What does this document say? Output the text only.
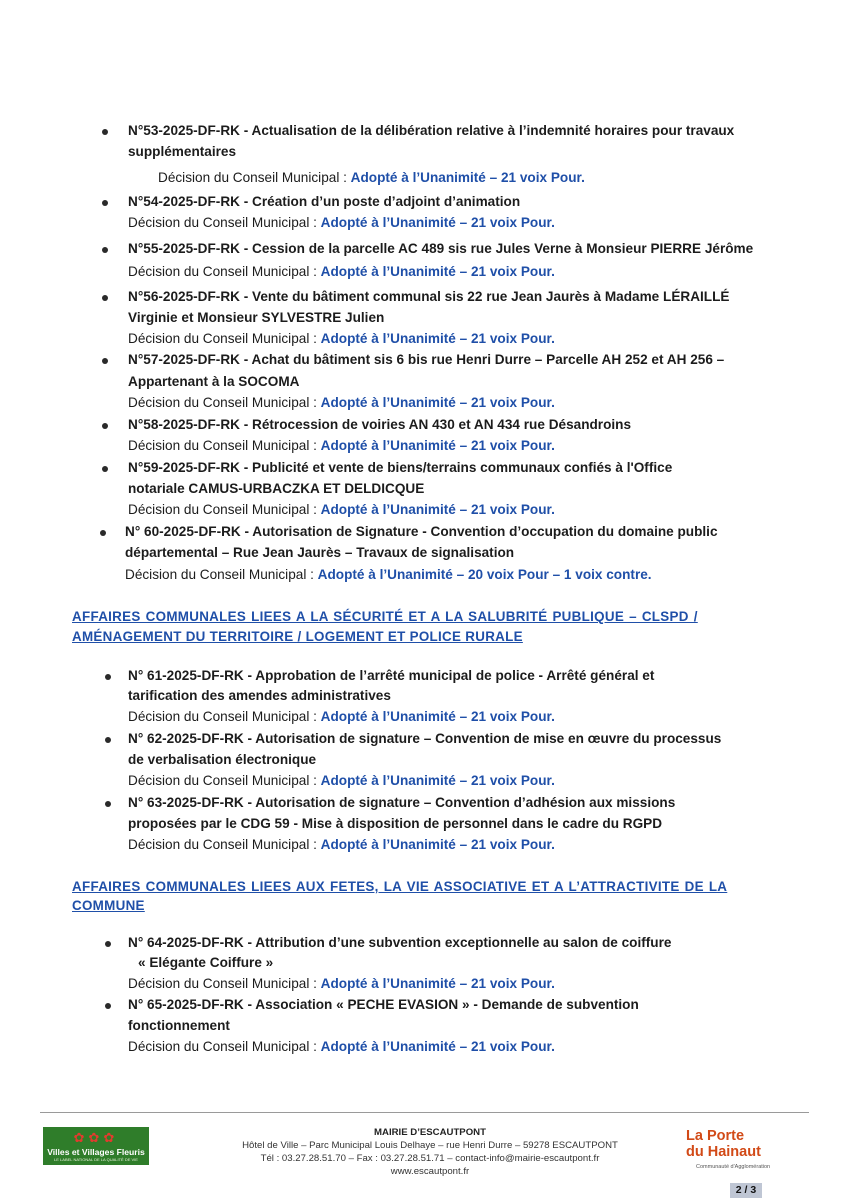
N°53-2025-DF-RK - Actualisation de la délibération relative à l’indemnité horaires pour travaux
supplémentaires
Décision du Conseil Municipal : Adopté à l’Unanimité – 21 voix Pour.
N°54-2025-DF-RK - Création d’un poste d’adjoint d’animation
Décision du Conseil Municipal : Adopté à l’Unanimité – 21 voix Pour.
N°55-2025-DF-RK - Cession de la parcelle AC 489 sis rue Jules Verne à Monsieur PIERRE Jérôme
Décision du Conseil Municipal : Adopté à l’Unanimité – 21 voix Pour.
N°56-2025-DF-RK - Vente du bâtiment communal sis 22 rue Jean Jaurès à Madame LÉRAILLÉ
Virginie et Monsieur SYLVESTRE Julien
Décision du Conseil Municipal : Adopté à l’Unanimité – 21 voix Pour.
N°57-2025-DF-RK - Achat du bâtiment sis 6 bis rue Henri Durre – Parcelle AH 252 et AH 256 –
Appartenant à la SOCOMA
Décision du Conseil Municipal : Adopté à l’Unanimité – 21 voix Pour.
N°58-2025-DF-RK - Rétrocession de voiries AN 430 et AN 434 rue Désandroins
Décision du Conseil Municipal : Adopté à l’Unanimité – 21 voix Pour.
N°59-2025-DF-RK - Publicité et vente de biens/terrains communaux confiés à l'Office
notariale CAMUS-URBACZKA ET DELDICQUE
Décision du Conseil Municipal : Adopté à l’Unanimité – 21 voix Pour.
N° 60-2025-DF-RK - Autorisation de Signature - Convention d’occupation du domaine public
départemental – Rue Jean Jaurès – Travaux de signalisation
Décision du Conseil Municipal : Adopté à l’Unanimité – 20 voix Pour – 1 voix contre.
AFFAIRES COMMUNALES LIEES A LA SÉCURITÉ ET A LA SALUBRITÉ PUBLIQUE – CLSPD /
AMÉNAGEMENT DU TERRITOIRE / LOGEMENT ET POLICE RURALE
N° 61-2025-DF-RK - Approbation de l’arrêté municipal de police - Arrêté général et
tarification des amendes administratives
Décision du Conseil Municipal : Adopté à l’Unanimité – 21 voix Pour.
N° 62-2025-DF-RK - Autorisation de signature – Convention de mise en œuvre du processus
de verbalisation électronique
Décision du Conseil Municipal : Adopté à l’Unanimité – 21 voix Pour.
N° 63-2025-DF-RK - Autorisation de signature – Convention d’adhésion aux missions
proposées par le CDG 59 - Mise à disposition de personnel dans le cadre du RGPD
Décision du Conseil Municipal : Adopté à l’Unanimité – 21 voix Pour.
AFFAIRES COMMUNALES LIEES AUX FETES, LA VIE ASSOCIATIVE ET A L’ATTRACTIVITE DE LA
COMMUNE
N° 64-2025-DF-RK - Attribution d’une subvention exceptionnelle au salon de coiffure
« Elégante Coiffure »
Décision du Conseil Municipal : Adopté à l’Unanimité – 21 voix Pour.
N° 65-2025-DF-RK - Association « PECHE EVASION » - Demande de subvention
fonctionnement
Décision du Conseil Municipal : Adopté à l’Unanimité – 21 voix Pour.
✿✿✿
Villes et Villages Fleuris
LE LABEL NATIONAL DE LA QUALITÉ DE VIE
MAIRIE D’ESCAUTPONT
Hôtel de Ville – Parc Municipal Louis Delhaye – rue Henri Durre – 59278 ESCAUTPONT
Tél : 03.27.28.51.70 – Fax : 03.27.28.51.71 – contact-info@mairie-escautpont.fr
www.escautpont.fr
La Porte
du Hainaut
Communauté d'Agglomération
2 / 3
